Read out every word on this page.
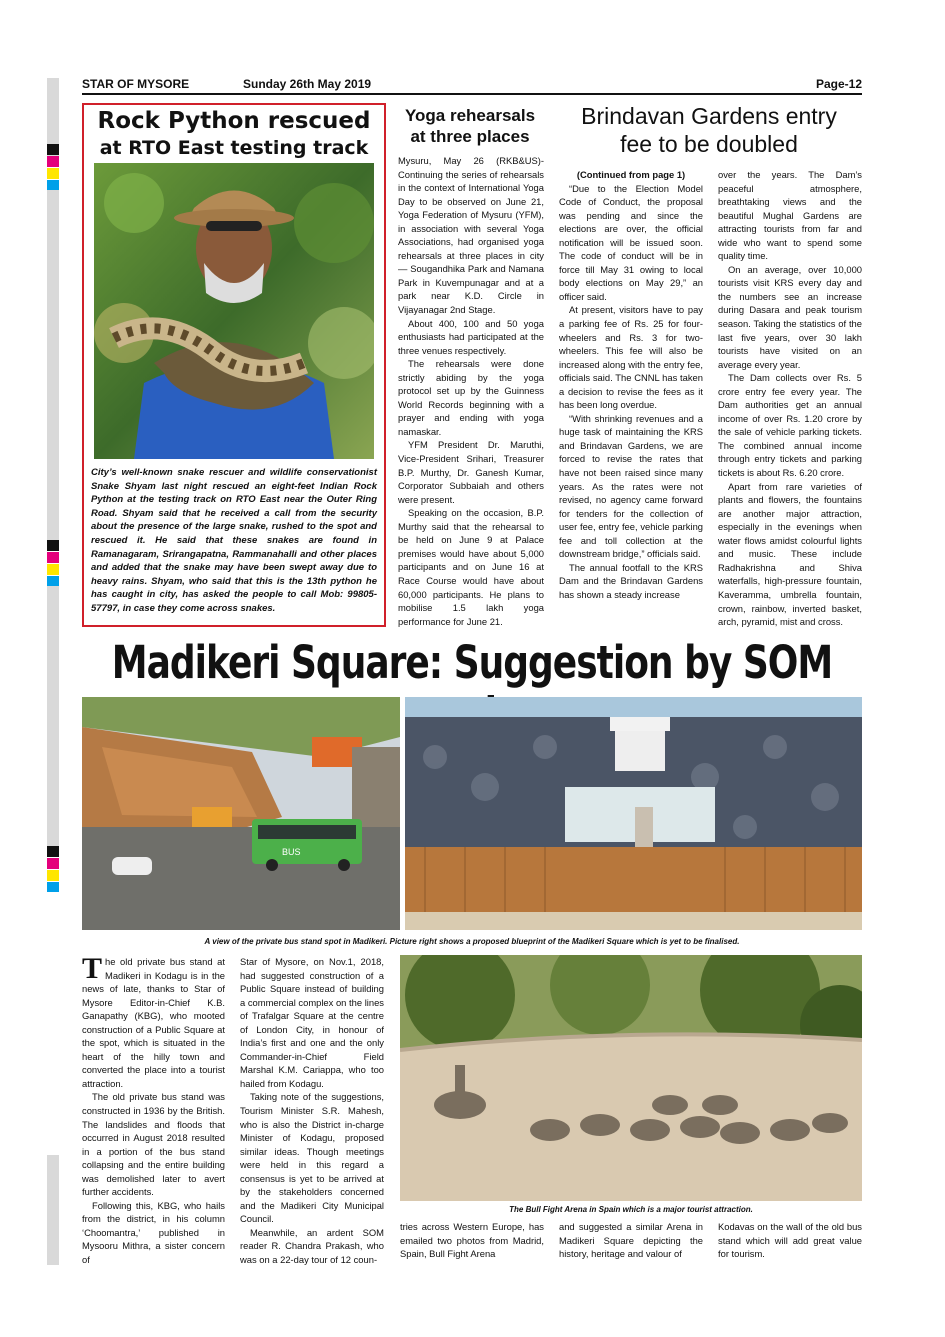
STAR OF MYSORE	Sunday 26th May 2019	Page-12
Rock Python rescued
at RTO East testing track
City’s well-known snake rescuer and wildlife conservationist Snake Shyam last night rescued an eight-feet Indian Rock Python at the testing track on RTO East near the Outer Ring Road. Shyam said that he received a call from the security about the presence of the large snake, rushed to the spot and rescued it. He said that these snakes are found in Ramanagaram, Srirangapatna, Rammanahalli and other places and added that the snake may have been swept away due to heavy rains. Shyam, who said that this is the 13th python he has caught in city, has asked the people to call Mob: 99805-57797, in case they come across snakes.
Yoga rehearsals
at three places

Mysuru, May 26 (RKB&US)- Continuing the series of rehearsals in the context of International Yoga Day to be observed on June 21, Yoga Federation of Mysuru (YFM), in association with several Yoga Associations, had organised yoga rehearsals at three places in city — Sougandhika Park and Namana Park in Kuvempunagar and at a park near K.D. Circle in Vijayanagar 2nd Stage.

About 400, 100 and 50 yoga enthusiasts had participated at the three venues respectively.

The rehearsals were done strictly abiding by the yoga protocol set up by the Guinness World Records beginning with a prayer and ending with yoga namaskar.

YFM President Dr. Maruthi, Vice-President Srihari, Treasurer B.P. Murthy, Dr. Ganesh Kumar, Corporator Subbaiah and others were present.

Speaking on the occasion, B.P. Murthy said that the rehearsal to be held on June 9 at Palace premises would have about 5,000 participants and on June 16 at Race Course would have about 60,000 participants. He plans to mobilise 1.5 lakh yoga performance for June 21.

Brindavan Gardens entry
fee to be doubled
(Continued from page 1)

“Due to the Election Model Code of Conduct, the proposal was pending and since the elections are over, the official notification will be issued soon. The code of conduct will be in force till May 31 owing to local body elections on May 29,” an officer said.

At present, visitors have to pay a parking fee of Rs. 25 for four-wheelers and Rs. 3 for two-wheelers. This fee will also be increased along with the entry fee, officials said. The CNNL has taken a decision to revise the fees as it has been long overdue.

“With shrinking revenues and a huge task of maintaining the KRS and Brindavan Gardens, we are forced to revise the rates that have not been raised since many years. As the rates were not revised, no agency came forward for tenders for the collection of user fee, entry fee, vehicle parking fee and toll collection at the downstream bridge,” officials said.

The annual footfall to the KRS Dam and the Brindavan Gardens has shown a steady increase

over the years. The Dam’s peaceful atmosphere, breathtaking views and the beautiful Mughal Gardens are attracting tourists from far and wide who want to spend some quality time.

On an average, over 10,000 tourists visit KRS every day and the numbers see an increase during Dasara and peak tourism season. Taking the statistics of the last five years, over 30 lakh tourists have visited on an average every year.

The Dam collects over Rs. 5 crore entry fee every year. The Dam authorities get an annual income of over Rs. 1.20 crore by the sale of vehicle parking tickets. The combined annual income through entry tickets and parking tickets is about Rs. 6.20 crore.

Apart from rare varieties of plants and flowers, the fountains are another major attraction, especially in the evenings when water flows amidst colourful lights and music. These include Radhakrishna and Shiva waterfalls, high-pressure fountain, Kaveramma, umbrella fountain, crown, rainbow, inverted basket, arch, pyramid, mist and cross.

Madikeri Square: Suggestion by SOM
BUS
A view of the private bus stand spot in Madikeri. Picture right shows a proposed blueprint of the Madikeri Square which is yet to be finalised.

The old private bus stand at Madikeri in Kodagu is in the news of late, thanks to Star of Mysore Editor-in-Chief K.B. Ganapathy (KBG), who mooted construction of a Public Square at the spot, which is situated in the heart of the hilly town and converted the place into a tourist attraction.

The old private bus stand was constructed in 1936 by the British. The landslides and floods that occurred in August 2018 resulted in a portion of the bus stand collapsing and the entire building was demolished later to avert further accidents.

Following this, KBG, who hails from the district, in his column ‘Choomantra,’ published in Mysooru Mithra, a sister concern of

Star of Mysore, on Nov.1, 2018, had suggested construction of a Public Square instead of building a commercial complex on the lines of Trafalgar Square at the centre of London City, in honour of India’s first and one and the only Commander-in-Chief Field Marshal K.M. Cariappa, who too hailed from Kodagu.

Taking note of the suggestions, Tourism Minister S.R. Mahesh, who is also the District in-charge Minister of Kodagu, proposed similar ideas. Though meetings were held in this regard a consensus is yet to be arrived at by the stakeholders concerned and the Madikeri City Municipal Council.

Meanwhile, an ardent SOM reader R. Chandra Prakash, who was on a 22-day tour of 12 coun-

The Bull Fight Arena in Spain which is a major tourist attraction.

tries across Western Europe, has emailed two photos from Madrid, Spain, Bull Fight Arena

and suggested a similar Arena in Madikeri Square depicting the history, heritage and valour of

Kodavas on the wall of the old bus stand which will add great value for tourism.
